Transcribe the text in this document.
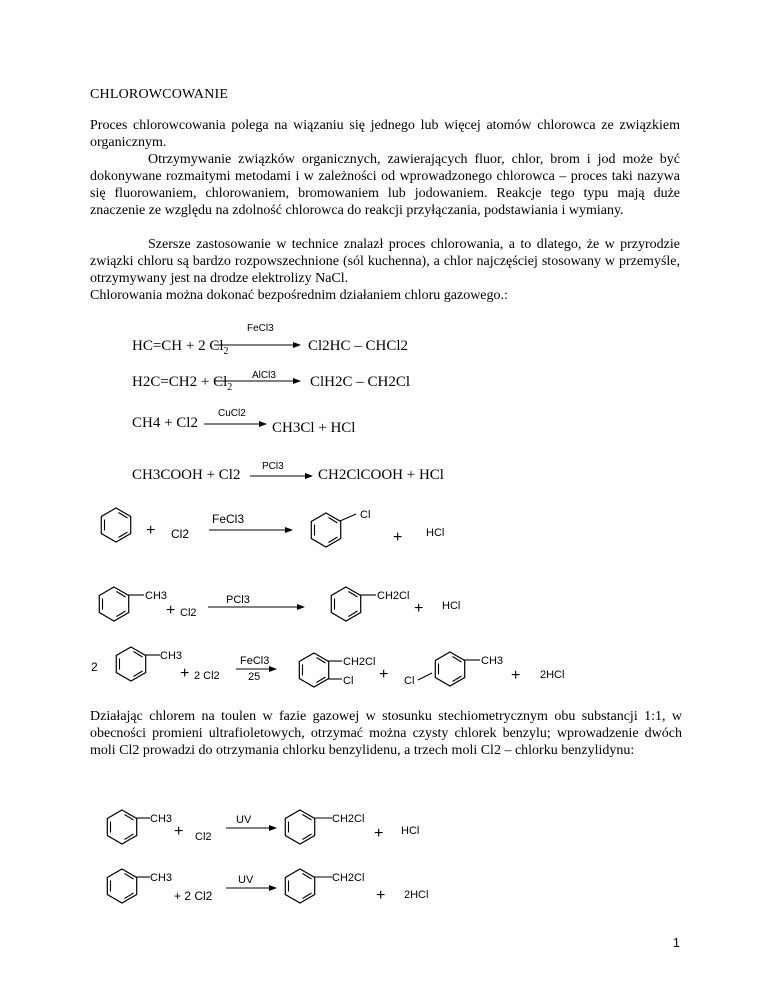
CHLOROWCOWANIE

Proces chlorowcowania polega na wiązaniu się jednego lub więcej atomów chlorowca ze związkiem organicznym.

Otrzymywanie związków organicznych, zawierających fluor, chlor, brom i jod może być dokonywane rozmaitymi metodami i w zależności od wprowadzonego chlorowca – proces taki nazywa się fluorowaniem, chlorowaniem, bromowaniem lub jodowaniem. Reakcje tego typu mają duże znaczenie ze względu na zdolność chlorowca do reakcji przyłączania, podstawiania i wymiany.

Szersze zastosowanie w technice znalazł proces chlorowania, a to dlatego, że w przyrodzie związki chloru są bardzo rozpowszechnione (sól kuchenna), a chlor najczęściej stosowany w przemyśle, otrzymywany jest na drodze elektrolizy NaCl.

Chlorowania można dokonać bezpośrednim działaniem chloru gazowego.:

HC=CH + 2 $Cl_2$	Cl2HC – CHCl2
$H2C=CH2 + Cl_2$	ClH2C – CH2Cl
CH4 + Cl2	CH3Cl + HCl
CH3COOH + Cl2	CH2ClCOOH + HCl

Działając chlorem na toulen w fazie gazowej w stosunku stechiometrycznym obu substancji 1:1, w obecności promieni ultrafioletowych, otrzymać można czysty chlorek benzylu; wprowadzenie dwóch moli Cl2 prowadzi do otrzymania chlorku benzylidenu, a trzech moli Cl2 – chlorku benzylidynu:

1
FeCl3
AlCl3
CuCl2
PCl3
+ Cl2
FeCl3	Cl
+ HCl
CH3
+ Cl2
PCl3	CH2Cl
+ HCl
2
CH3
+ 2 Cl2
FeCl3
25
CH2Cl
Cl + Cl
CH3
+ 2HCl
CH3
+ Cl2
UV	CH2Cl
+ HCl
CH3
+ 2 Cl2
UV	CH2Cl
+ 2HCl
